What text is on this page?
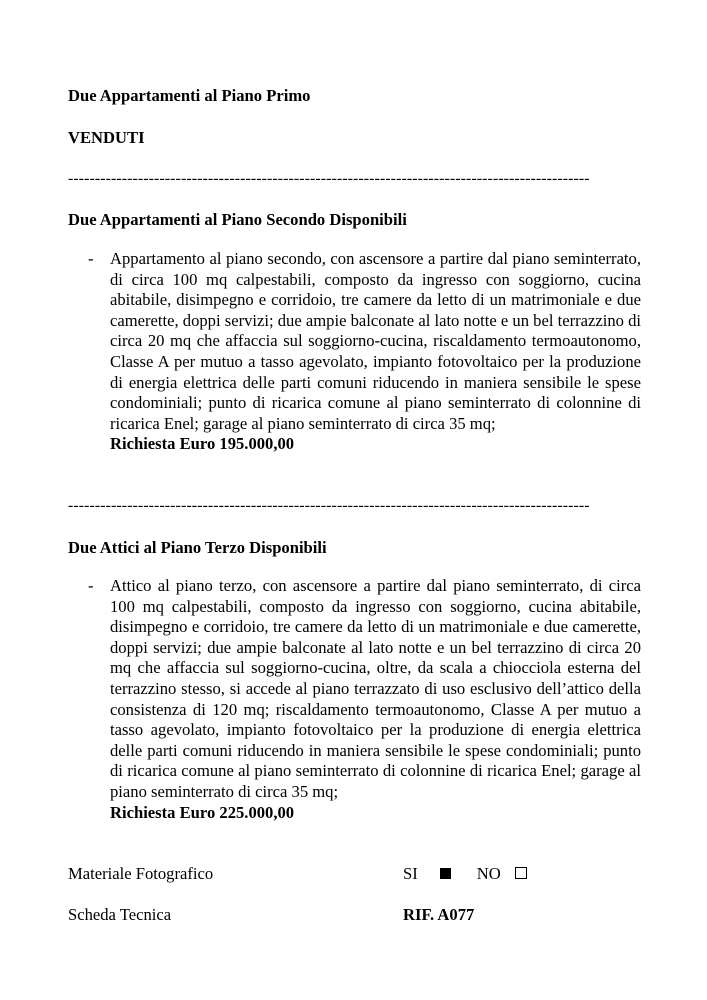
Due Appartamenti al Piano Primo
VENDUTI
-------------------------------------------------------------------------------------------------
Due Appartamenti al Piano Secondo Disponibili
- Appartamento al piano secondo, con ascensore a partire dal piano seminterrato, di circa 100 mq calpestabili, composto da ingresso con soggiorno, cucina abitabile, disimpegno e corridoio, tre camere da letto di un matrimoniale e due camerette, doppi servizi; due ampie balconate al lato notte e un bel terrazzino di circa 20 mq che affaccia sul soggiorno-cucina, riscaldamento termoautonomo, Classe A per mutuo a tasso agevolato, impianto fotovoltaico per la produzione di energia elettrica delle parti comuni riducendo in maniera sensibile le spese condominiali; punto di ricarica comune al piano seminterrato di colonnine di ricarica Enel; garage al piano seminterrato di circa 35 mq;
Richiesta Euro 195.000,00
-------------------------------------------------------------------------------------------------
Due Attici al Piano Terzo Disponibili
- Attico al piano terzo, con ascensore a partire dal piano seminterrato, di circa 100 mq calpestabili, composto da ingresso con soggiorno, cucina abitabile, disimpegno e corridoio, tre camere da letto di un matrimoniale e due camerette, doppi servizi; due ampie balconate al lato notte e un bel terrazzino di circa 20 mq che affaccia sul soggiorno-cucina, oltre, da scala a chiocciola esterna del terrazzino stesso, si accede al piano terrazzato di uso esclusivo dell’attico della consistenza di 120 mq; riscaldamento termoautonomo, Classe A per mutuo a tasso agevolato, impianto fotovoltaico per la produzione di energia elettrica delle parti comuni riducendo in maniera sensibile le spese condominiali; punto di ricarica comune al piano seminterrato di colonnine di ricarica Enel; garage al piano seminterrato di circa 35 mq;
Richiesta Euro 225.000,00
Materiale Fotografico	SI	NO
Scheda Tecnica	RIF. A077
